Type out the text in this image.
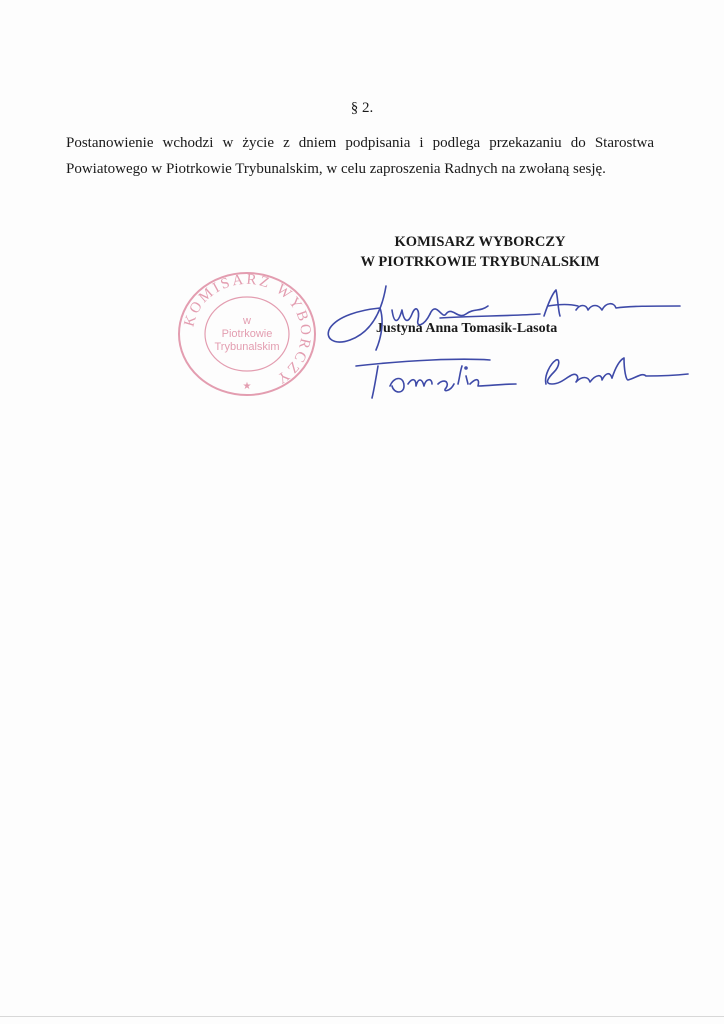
§ 2.
Postanowienie wchodzi w życie z dniem podpisania i podlega przekazaniu do Starostwa Powiatowego w Piotrkowie Trybunalskim, w celu zaproszenia Radnych na zwołaną sesję.
KOMISARZ WYBORCZY
W PIOTRKOWIE TRYBUNALSKIM
KOMISARZ WYBORCZY
★
w
Piotrkowie
Trybunalskim
Justyna Anna Tomasik-Lasota
